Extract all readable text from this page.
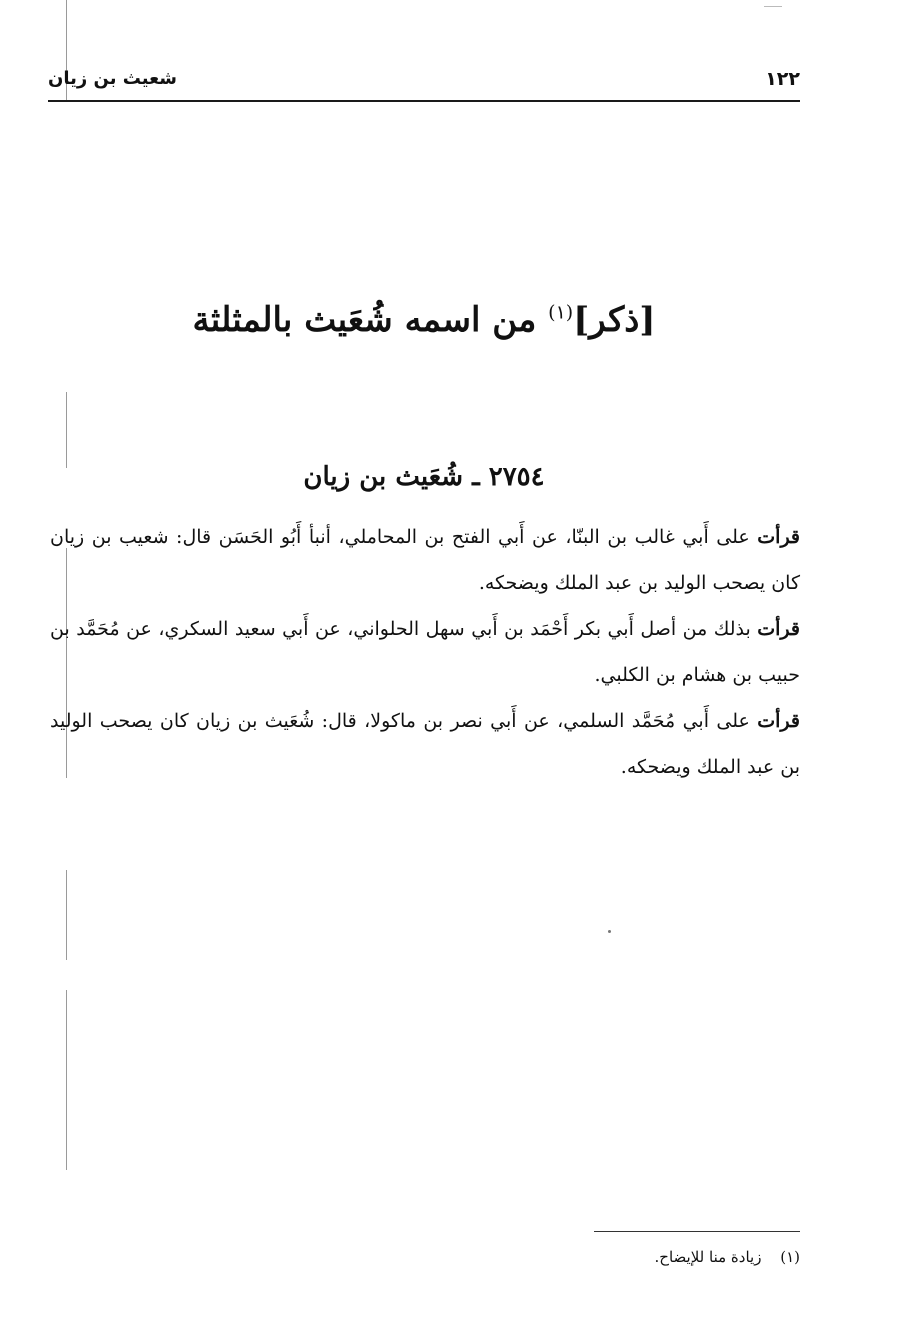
١٢٢
شعيث بن زيان
[ذكر]$^{(١)}$ من اسمه شُعَيث بالمثلثة
٢٧٥٤ ـ شُعَيث بن زيان
قرأت على أَبي غالب بن البنّا، عن أَبي الفتح بن المحاملي، أنبأ أَبُو الحَسَن قال: شعيب بن زيان كان يصحب الوليد بن عبد الملك ويضحكه.
قرأت بذلك من أصل أَبي بكر أَحْمَد بن أَبي سهل الحلواني، عن أَبي سعيد السكري، عن مُحَمَّد بن حبيب بن هشام بن الكلبي.
قرأت على أَبي مُحَمَّد السلمي، عن أَبي نصر بن ماكولا، قال: شُعَيث بن زيان كان يصحب الوليد بن عبد الملك ويضحكه.
(١) زيادة منا للإيضاح.
